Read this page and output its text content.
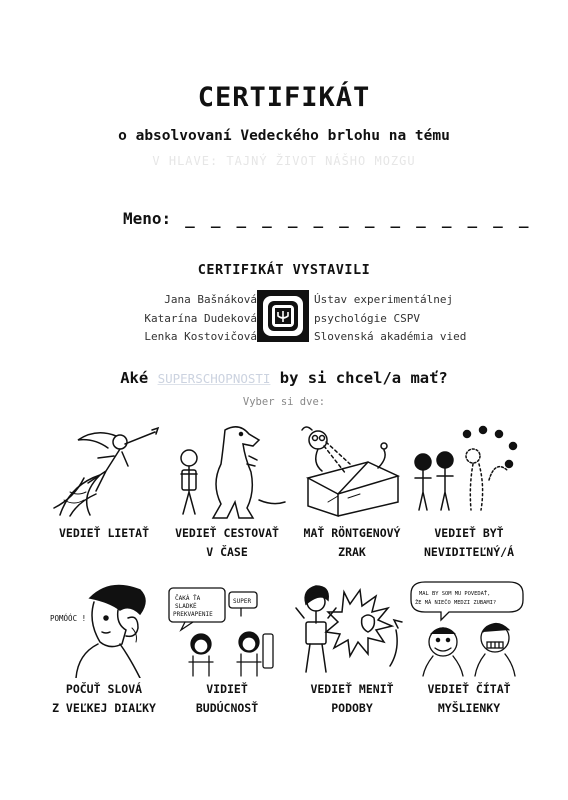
CERTIFIKÁT
o absolvovaní Vedeckého brlohu na tému
V HLAVE: TAJNÝ ŽIVOT NÁŠHO MOZGU
Meno: _ _ _ _ _ _ _ _ _ _ _ _ _ _
CERTIFIKÁT VYSTAVILI
Jana Bašnáková
Katarína Dudeková
Lenka Kostovičová
Ústav experimentálnej
psychológie CSPV
Slovenská akadémia vied
Aké SUPERSCHOPNOSTI by si chcel/a mať?
Vyber si dve:
VEDIEŤ LIETAŤ	VEDIEŤ CESTOVAŤ
V ČASE
MAŤ RÖNTGENOVÝ
ZRAK
VEDIEŤ BYŤ
NEVIDITEĽNÝ/Á
POMÓÓC !
POČUŤ SLOVÁ
Z VEĽKEJ DIAĽKY
ČAKÁ ŤA SLADKÉ PREKVAPENIE
SUPER
VIDIEŤ
BUDÚCNOSŤ
VEDIEŤ MENIŤ
PODOBY
MAL BY SOM MU POVEDAŤ, ŽE MÁ NIEČO MEDZI ZUBAMI?
VEDIEŤ ČÍTAŤ
MYŠLIENKY
